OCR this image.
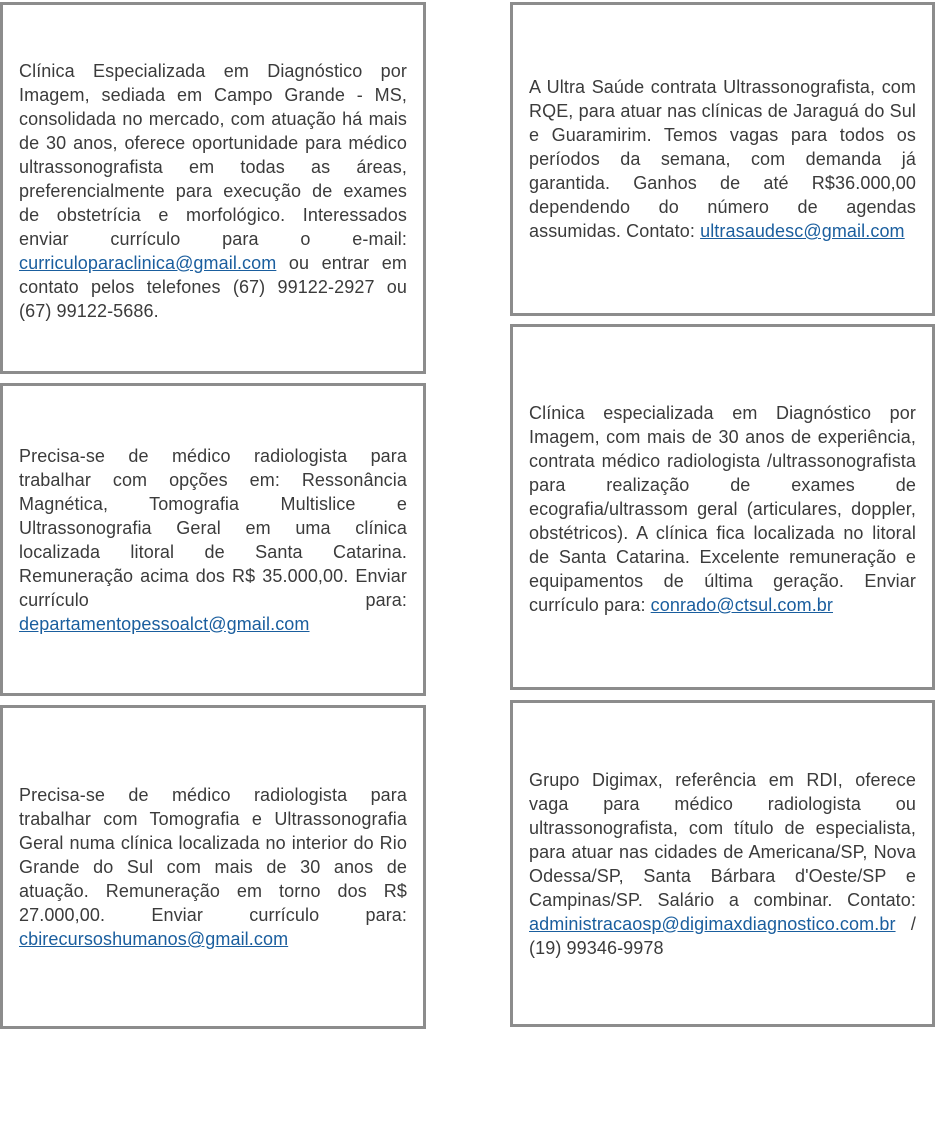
Clínica Especializada em Diagnóstico por Imagem, sediada em Campo Grande - MS, consolidada no mercado, com atuação há mais de 30 anos, oferece oportunidade para médico ultrassonografista em todas as áreas, preferencialmente para execução de exames de obstetrícia e morfológico. Interessados enviar currículo para o e-mail: curriculoparaclinica@gmail.com ou entrar em contato pelos telefones (67) 99122-2927 ou (67) 99122-5686.
Precisa-se de médico radiologista para trabalhar com opções em: Ressonância Magnética, Tomografia Multislice e Ultrassonografia Geral em uma clínica localizada litoral de Santa Catarina. Remuneração acima dos R$ 35.000,00. Enviar currículo para: departamentopessoalct@gmail.com
Precisa-se de médico radiologista para trabalhar com Tomografia e Ultrassonografia Geral numa clínica localizada no interior do Rio Grande do Sul com mais de 30 anos de atuação. Remuneração em torno dos R$ 27.000,00. Enviar currículo para: cbirecursoshumanos@gmail.com
A Ultra Saúde contrata Ultrassonografista, com RQE, para atuar nas clínicas de Jaraguá do Sul e Guaramirim. Temos vagas para todos os períodos da semana, com demanda já garantida. Ganhos de até R$36.000,00 dependendo do número de agendas assumidas. Contato: ultrasaudesc@gmail.com
Clínica especializada em Diagnóstico por Imagem, com mais de 30 anos de experiência, contrata médico radiologista /ultrassonografista para realização de exames de ecografia/ultrassom geral (articulares, doppler, obstétricos). A clínica fica localizada no litoral de Santa Catarina. Excelente remuneração e equipamentos de última geração. Enviar currículo para: conrado@ctsul.com.br
Grupo Digimax, referência em RDI, oferece vaga para médico radiologista ou ultrassonografista, com título de especialista, para atuar nas cidades de Americana/SP, Nova Odessa/SP, Santa Bárbara d'Oeste/SP e Campinas/SP. Salário a combinar. Contato: administracaosp@digimaxdiagnostico.com.br / (19) 99346-9978
